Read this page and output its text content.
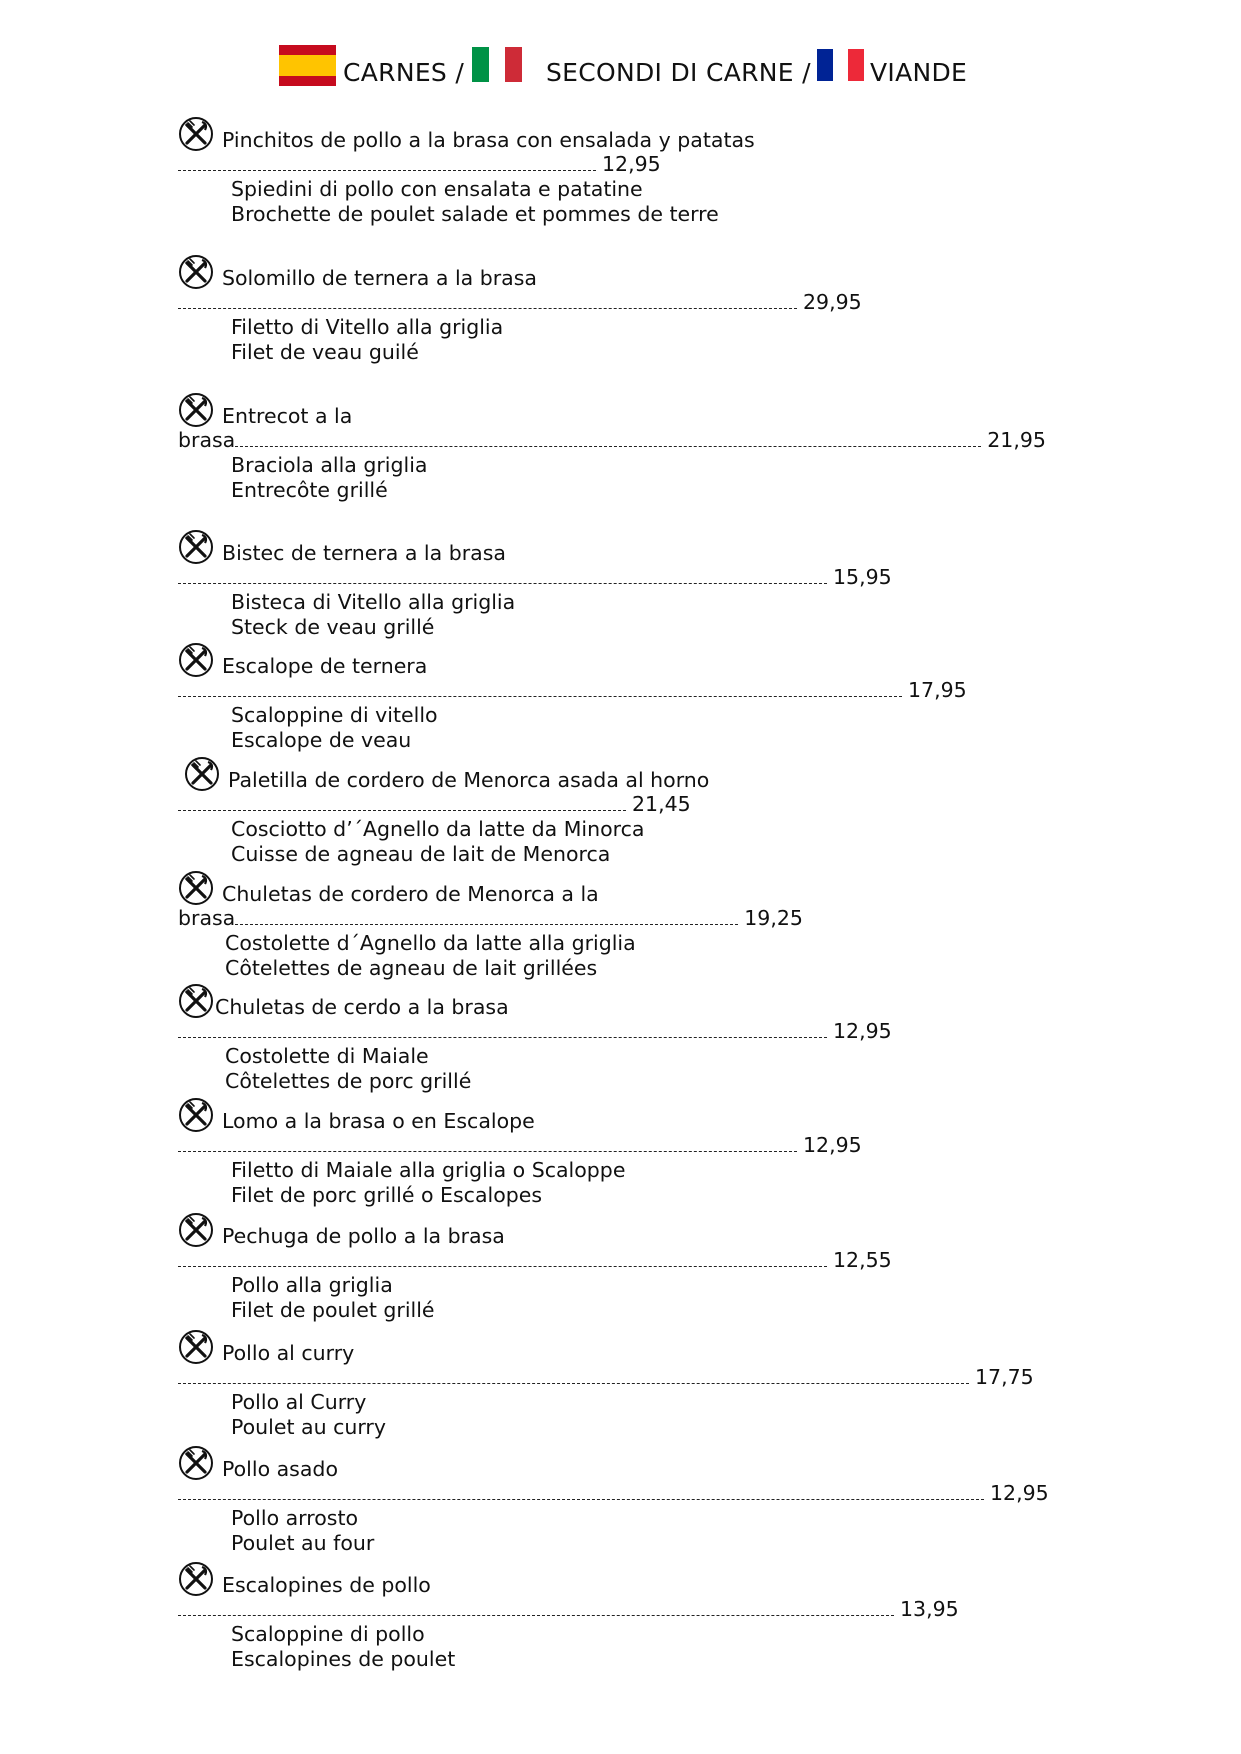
CARNES /	SECONDI DI CARNE / VIANDE
Pinchitos de pollo a la brasa con ensalada y patatas
12,95
Spiedini di pollo con ensalata e patatine
Brochette de poulet salade et pommes de terre
Solomillo de ternera a la brasa
29,95
Filetto di Vitello alla griglia
Filet de veau guilé
Entrecot a la
brasa	21,95
Braciola alla griglia
Entrecôte grillé
Bistec de ternera a la brasa
15,95
Bisteca di Vitello alla griglia
Steck de veau grillé
Escalope de ternera
17,95
Scaloppine di vitello
Escalope de veau
Paletilla de cordero de Menorca asada al horno
21,45
Cosciotto d’´Agnello da latte da Minorca
Cuisse de agneau de lait de Menorca
Chuletas de cordero de Menorca a la
brasa	19,25
Costolette d´Agnello da latte alla griglia
Côtelettes de agneau de lait grillées
Chuletas de cerdo a la brasa
12,95
Costolette di Maiale
Côtelettes de porc grillé
Lomo a la brasa o en Escalope
12,95
Filetto di Maiale alla griglia o Scaloppe
Filet de porc grillé o Escalopes
Pechuga de pollo a la brasa
12,55
Pollo alla griglia
Filet de poulet grillé
Pollo al curry
17,75
Pollo al Curry
Poulet au curry
Pollo asado
12,95
Pollo arrosto
Poulet au four
Escalopines de pollo
13,95
Scaloppine di pollo
Escalopines de poulet
